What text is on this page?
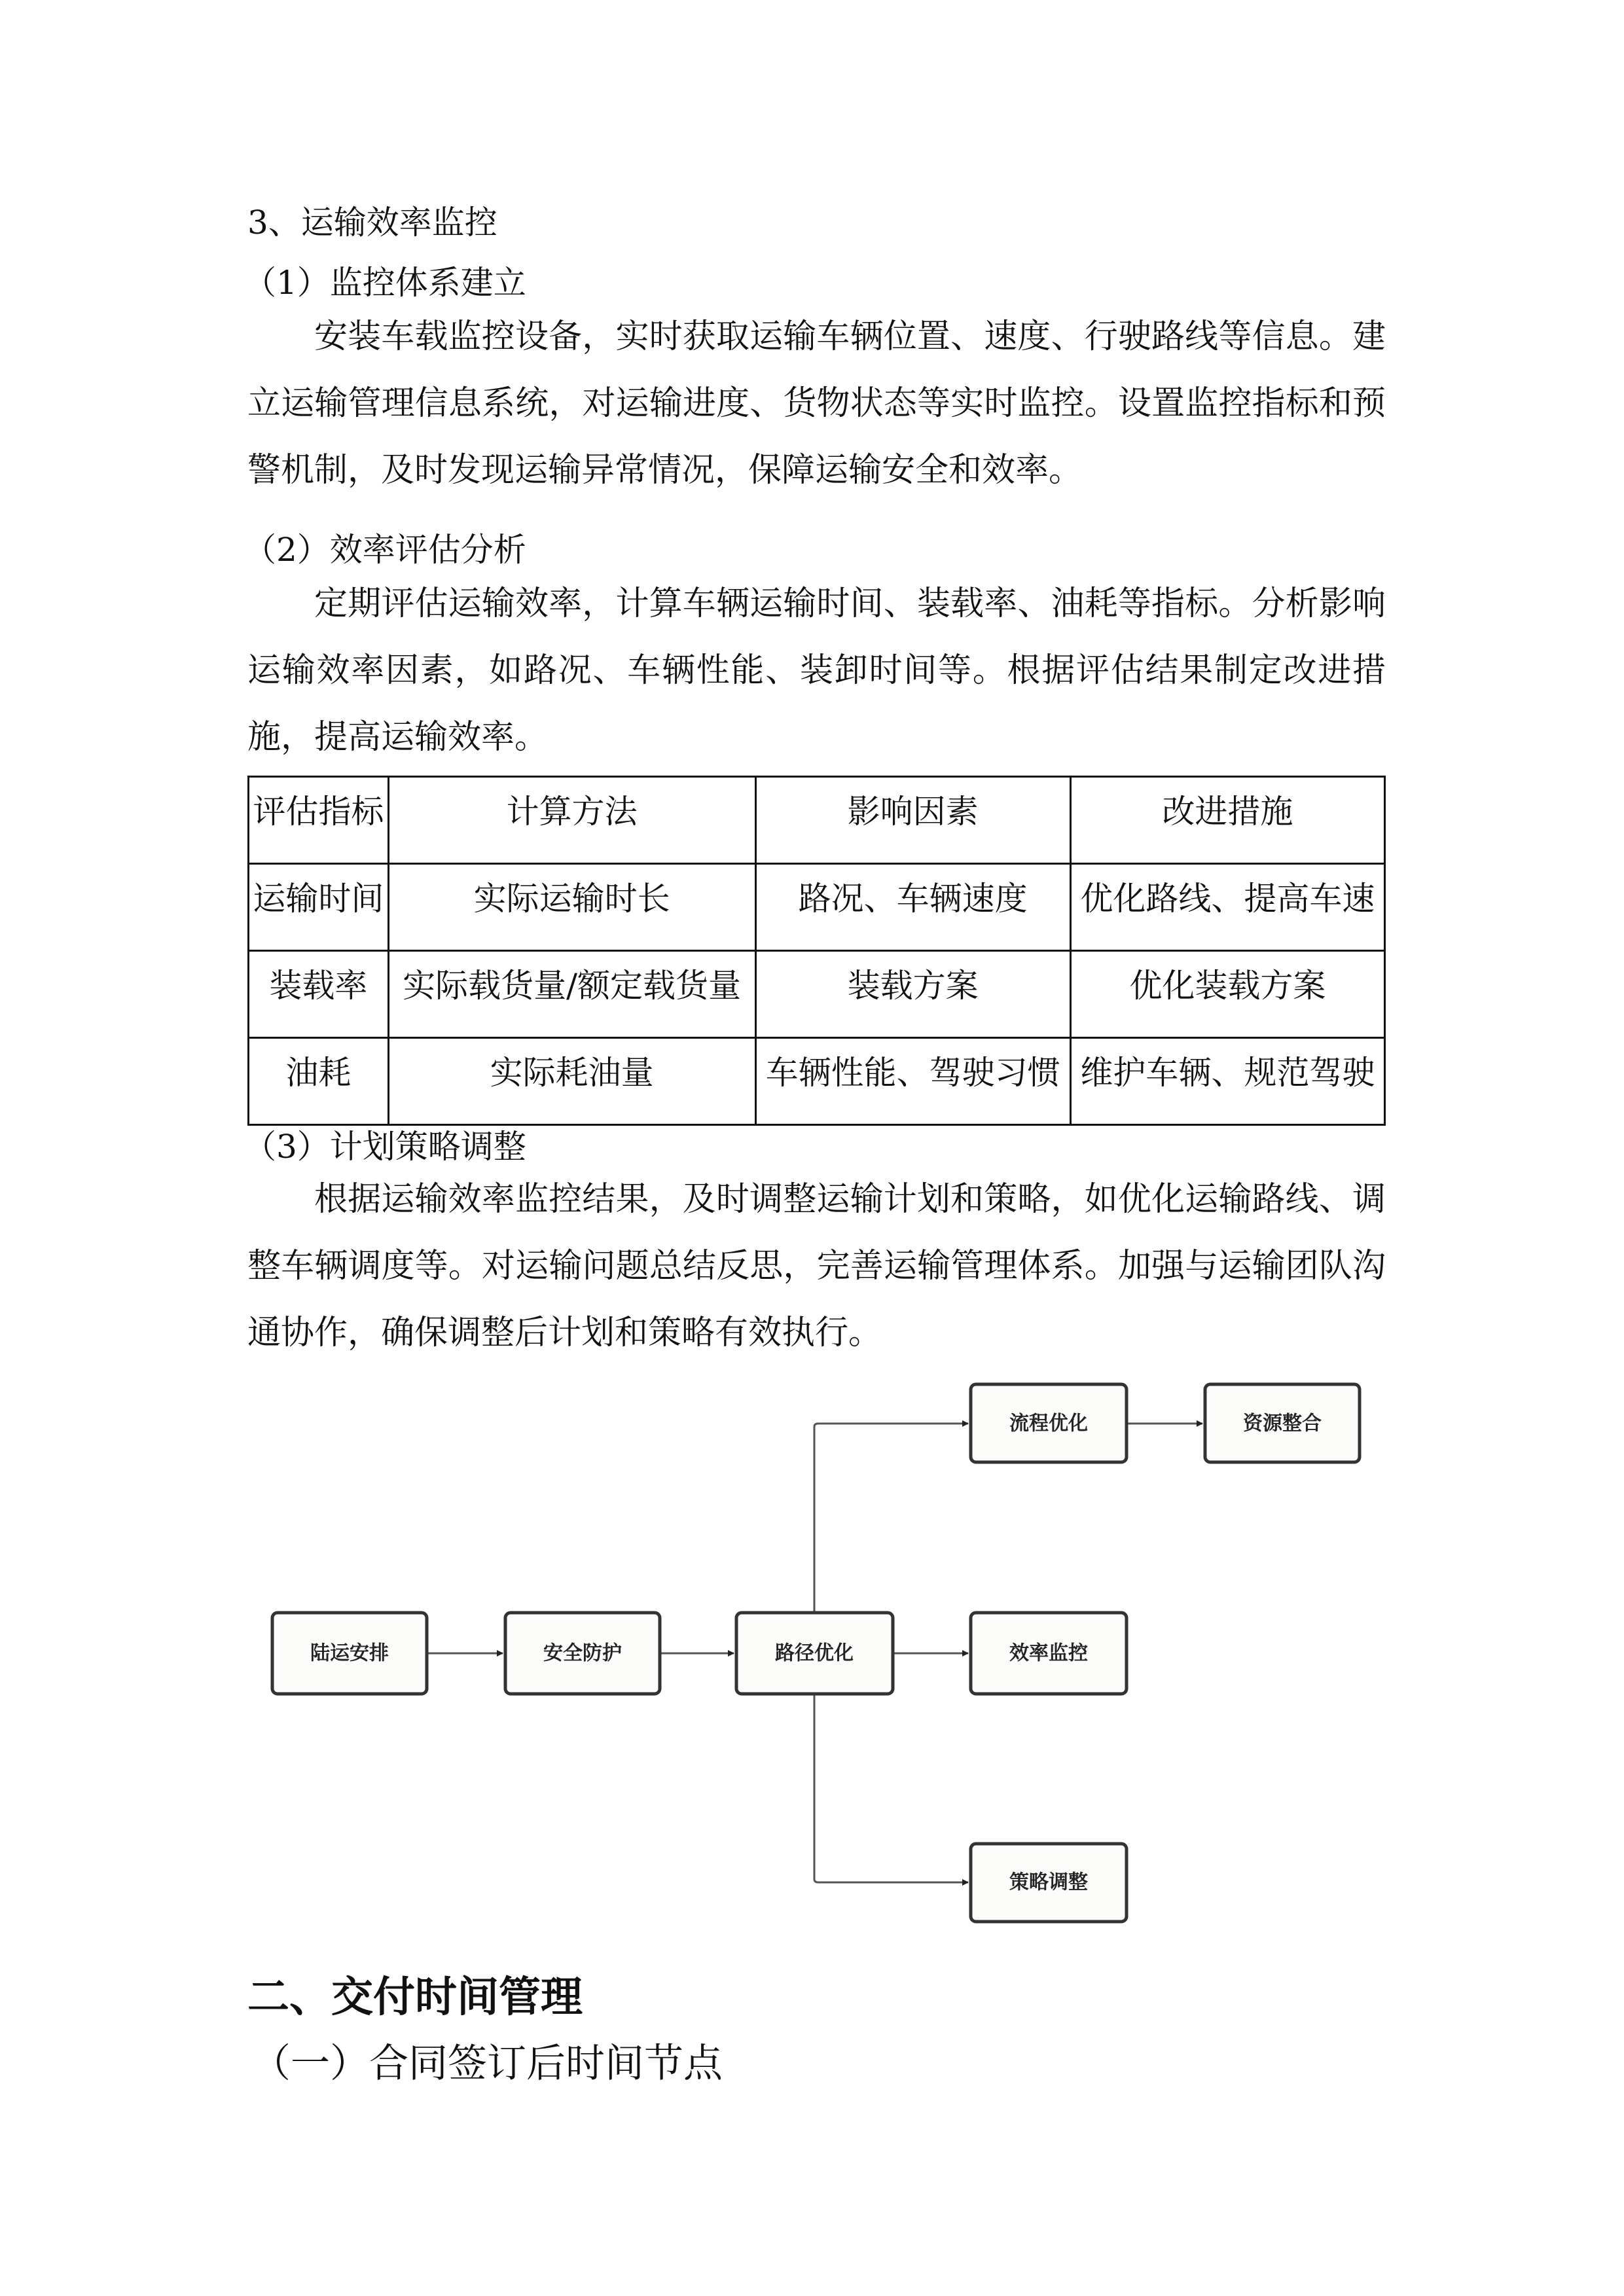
3、运输效率监控
（1）监控体系建立
安装车载监控设备，实时获取运输车辆位置、速度、行驶路线等信息。建立运输管理信息系统，对运输进度、货物状态等实时监控。设置监控指标和预警机制，及时发现运输异常情况，保障运输安全和效率。
（2）效率评估分析
定期评估运输效率，计算车辆运输时间、装载率、油耗等指标。分析影响运输效率因素，如路况、车辆性能、装卸时间等。根据评估结果制定改进措施，提高运输效率。
评估指标	计算方法	影响因素	改进措施
运输时间	实际运输时长	路况、车辆速度	优化路线、提高车速
装载率	实际载货量/额定载货量	装载方案	优化装载方案
油耗	实际耗油量	车辆性能、驾驶习惯	维护车辆、规范驾驶
（3）计划策略调整
根据运输效率监控结果，及时调整运输计划和策略，如优化运输路线、调整车辆调度等。对运输问题总结反思，完善运输管理体系。加强与运输团队沟通协作，确保调整后计划和策略有效执行。
陆运安排	安全防护	路径优化
流程优化	资源整合
效率监控
策略调整
二、交付时间管理
（一）合同签订后时间节点
